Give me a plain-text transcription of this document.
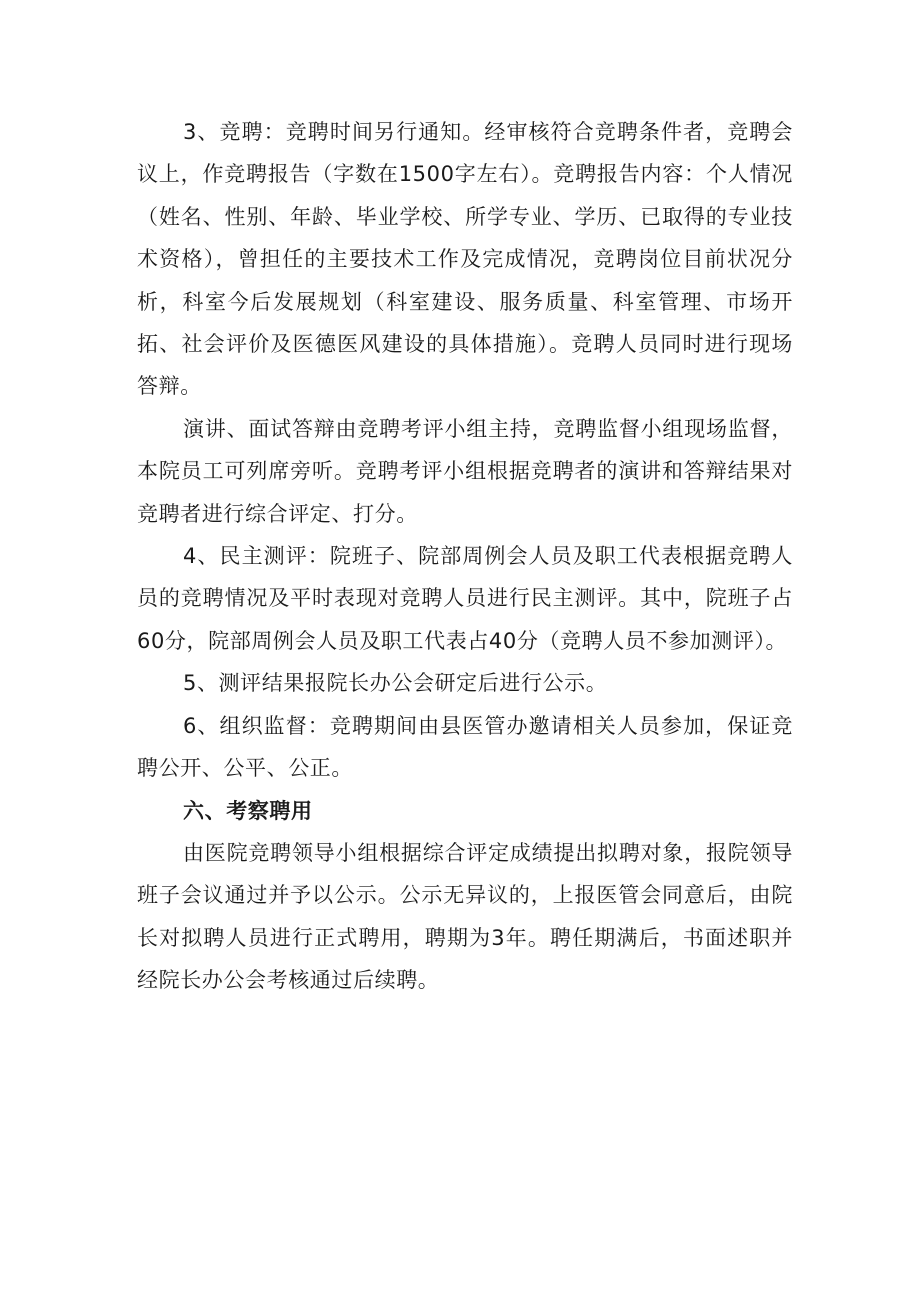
3、竞聘：竞聘时间另行通知。经审核符合竞聘条件者，竞聘会议上，作竞聘报告（字数在1500字左右）。竞聘报告内容：个人情况（姓名、性别、年龄、毕业学校、所学专业、学历、已取得的专业技术资格），曾担任的主要技术工作及完成情况，竞聘岗位目前状况分析，科室今后发展规划（科室建设、服务质量、科室管理、市场开拓、社会评价及医德医风建设的具体措施）。竞聘人员同时进行现场答辩。

演讲、面试答辩由竞聘考评小组主持，竞聘监督小组现场监督，本院员工可列席旁听。竞聘考评小组根据竞聘者的演讲和答辩结果对竞聘者进行综合评定、打分。

4、民主测评：院班子、院部周例会人员及职工代表根据竞聘人员的竞聘情况及平时表现对竞聘人员进行民主测评。其中，院班子占60分，院部周例会人员及职工代表占40分（竞聘人员不参加测评）。

5、测评结果报院长办公会研定后进行公示。

6、组织监督：竞聘期间由县医管办邀请相关人员参加，保证竞聘公开、公平、公正。

六、考察聘用

由医院竞聘领导小组根据综合评定成绩提出拟聘对象，报院领导班子会议通过并予以公示。公示无异议的，上报医管会同意后，由院长对拟聘人员进行正式聘用，聘期为3年。聘任期满后，书面述职并经院长办公会考核通过后续聘。
